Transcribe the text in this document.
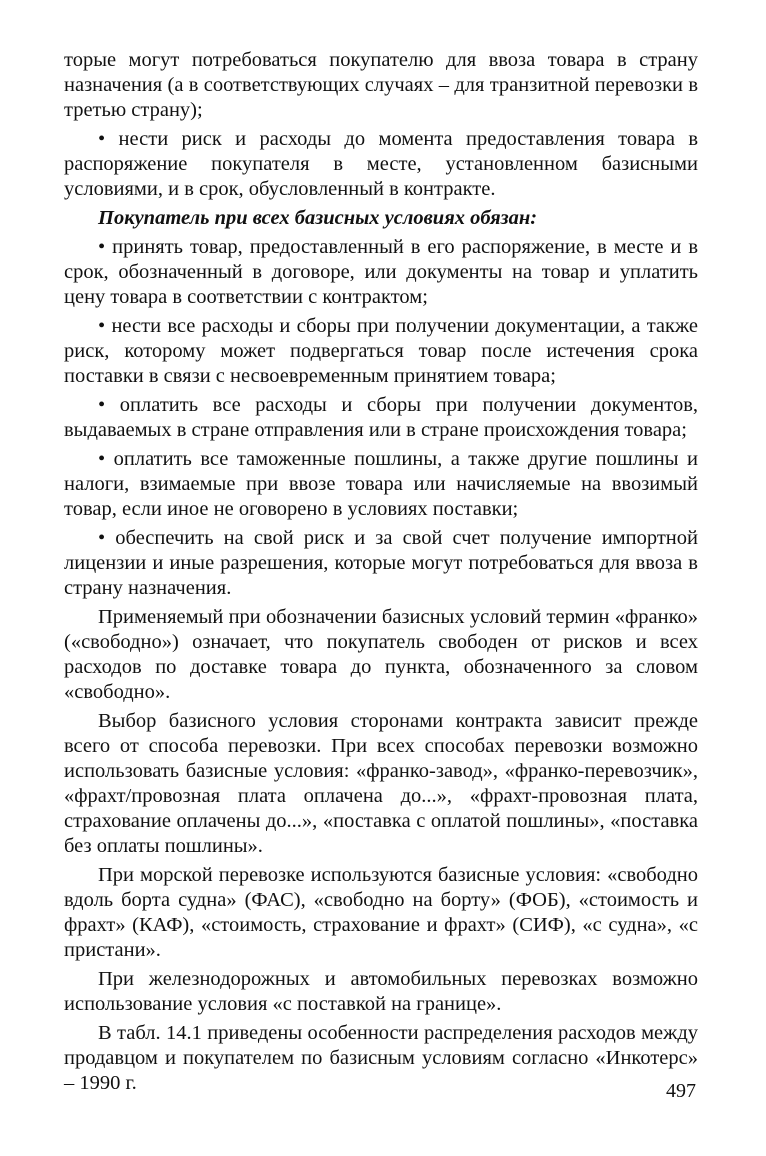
торые могут потребоваться покупателю для ввоза товара в страну назначения (а в соответствующих случаях – для транзитной перевозки в третью страну);

• нести риск и расходы до момента предоставления товара в распоряжение покупателя в месте, установленном базисными условиями, и в срок, обусловленный в контракте.

Покупатель при всех базисных условиях обязан:

• принять товар, предоставленный в его распоряжение, в месте и в срок, обозначенный в договоре, или документы на товар и уплатить цену товара в соответствии с контрактом;

• нести все расходы и сборы при получении документации, а также риск, которому может подвергаться товар после истечения срока поставки в связи с несвоевременным принятием товара;

• оплатить все расходы и сборы при получении документов, выдаваемых в стране отправления или в стране происхождения товара;

• оплатить все таможенные пошлины, а также другие пошлины и налоги, взимаемые при ввозе товара или начисляемые на ввозимый товар, если иное не оговорено в условиях поставки;

• обеспечить на свой риск и за свой счет получение импортной лицензии и иные разрешения, которые могут потребоваться для ввоза в страну назначения.

Применяемый при обозначении базисных условий термин «франко» («свободно») означает, что покупатель свободен от рисков и всех расходов по доставке товара до пункта, обозначенного за словом «свободно».

Выбор базисного условия сторонами контракта зависит прежде всего от способа перевозки. При всех способах перевозки возможно использовать базисные условия: «франко-завод», «франко-перевозчик», «фрахт/провозная плата оплачена до...», «фрахт-провозная плата, страхование оплачены до...», «поставка с оплатой пошлины», «поставка без оплаты пошлины».

При морской перевозке используются базисные условия: «свободно вдоль борта судна» (ФАС), «свободно на борту» (ФОБ), «стоимость и фрахт» (КАФ), «стоимость, страхование и фрахт» (СИФ), «с судна», «с пристани».

При железнодорожных и автомобильных перевозках возможно использование условия «с поставкой на границе».

В табл. 14.1 приведены особенности распределения расходов между продавцом и покупателем по базисным условиям согласно «Инкотерс» – 1990 г.	497
